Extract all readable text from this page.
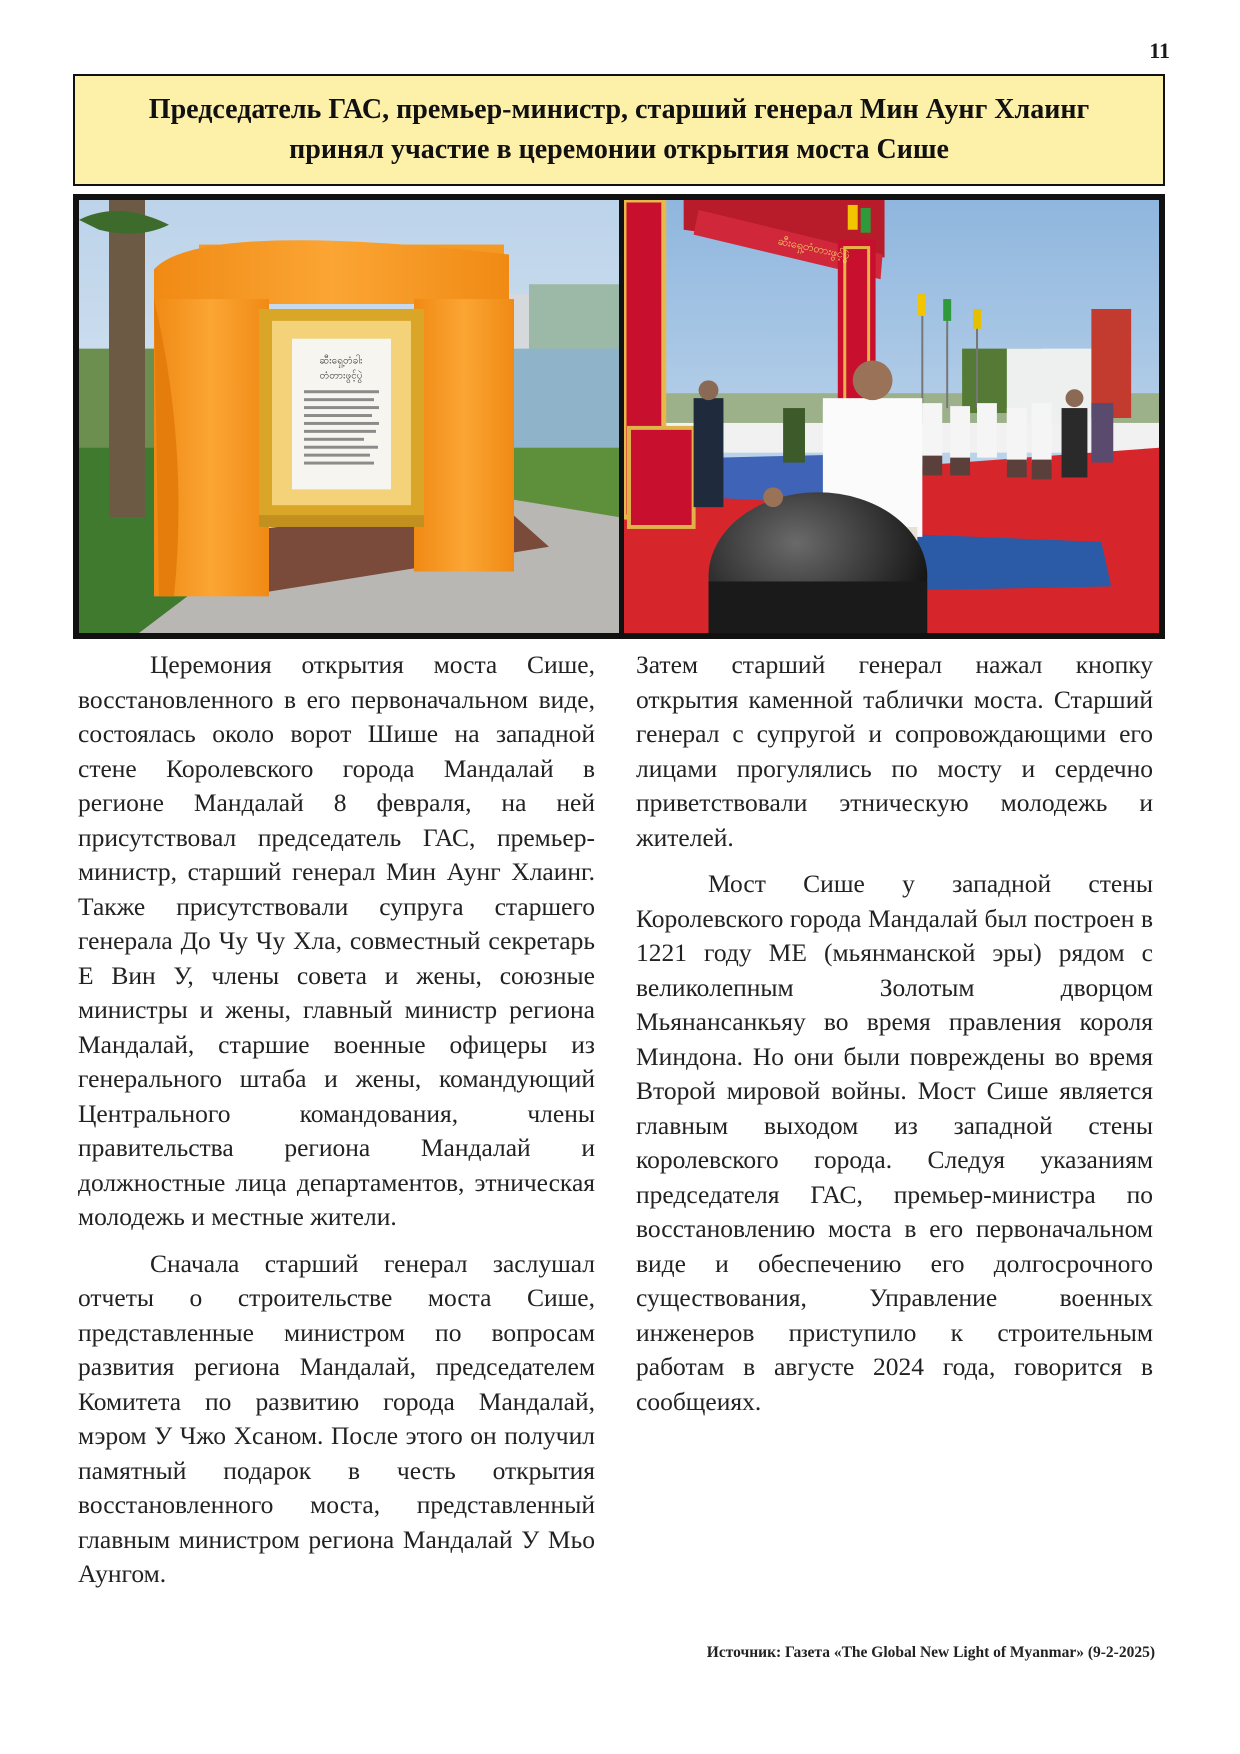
11
Председатель ГАС, премьер-министр, старший генерал Мин Аунг Хлаинг
принял участие в церемонии открытия моста Сише
ဆီးရှေ့တံခါး
တံတားဖွင့်ပွဲ
ဆီးရှေ့တံတားဖွင့်ပွဲ

Церемония открытия моста Сише, восстановленного в его первоначальном виде, состоялась около ворот Шише на западной стене Королевского города Мандалай в регионе Мандалай 8 февраля, на ней присутствовал председатель ГАС, премьер-министр, старший генерал Мин Аунг Хлаинг. Также присутствовали супруга старшего генерала До Чу Чу Хла, совместный секретарь Е Вин У, члены совета и жены, союзные министры и жены, главный министр региона Мандалай, старшие военные офицеры из генерального штаба и жены, командующий Центрального командования, члены правительства региона Мандалай и должностные лица департаментов, этническая молодежь и местные жители.

Сначала старший генерал заслушал отчеты о строительстве моста Сише, представленные министром по вопросам развития региона Мандалай, председателем Комитета по развитию города Мандалай, мэром У Чжо Хсаном. После этого он получил памятный подарок в честь открытия восстановленного моста, представленный главным министром региона Мандалай У Мьо Аунгом.

Затем старший генерал нажал кнопку открытия каменной таблички моста. Старший генерал с супругой и сопровождающими его лицами прогулялись по мосту и сердечно приветствовали этническую молодежь и жителей.

Мост Сише у западной стены Королевского города Мандалай был построен в 1221 году МЕ (мьянманской эры) рядом с великолепным Золотым дворцом Мьянансанкьяу во время правления короля Миндона. Но они были повреждены во время Второй мировой войны. Мост Сише является главным выходом из западной стены королевского города. Следуя указаниям председателя ГАС, премьер-министра по восстановлению моста в его первоначальном виде и обеспечению его долгосрочного существования, Управление военных инженеров приступило к строительным работам в августе 2024 года, говорится в сообщеиях.

Источник: Газета «The Global New Light of Myanmar» (9-2-2025)
